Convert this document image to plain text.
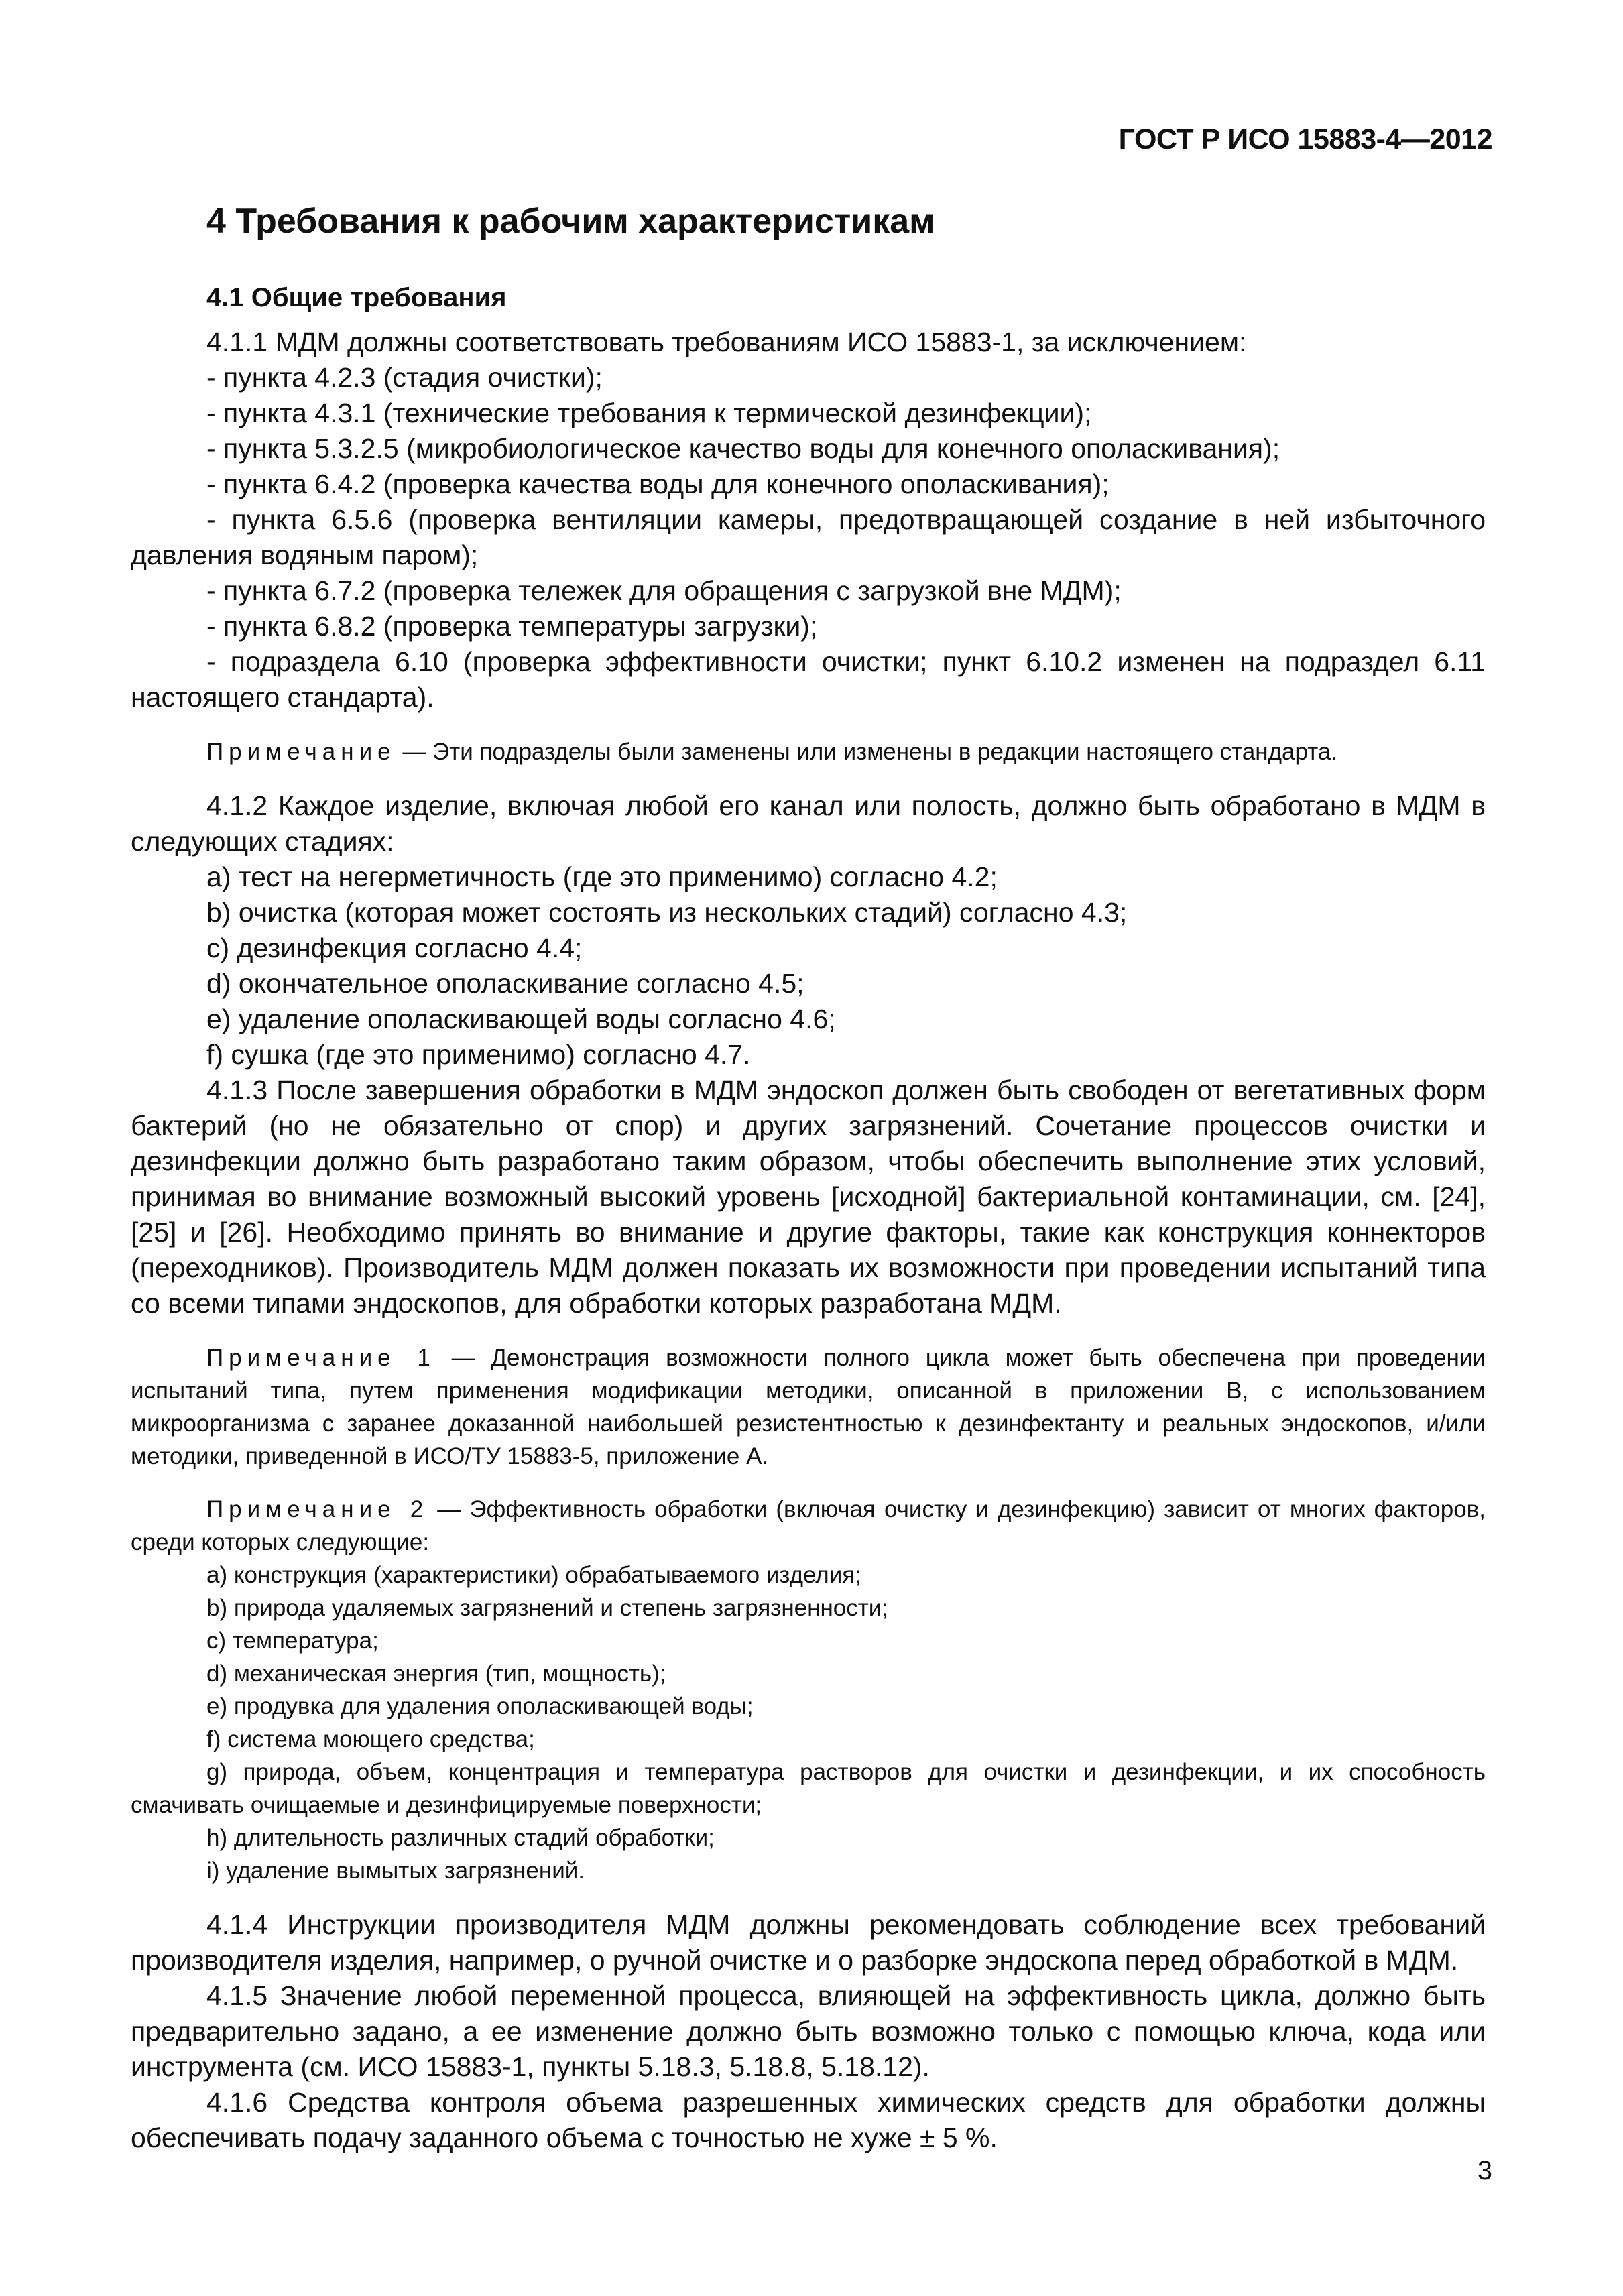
ГОСТ Р ИСО 15883-4—2012
4 Требования к рабочим характеристикам
4.1 Общие требования

4.1.1 МДМ должны соответствовать требованиям ИСО 15883-1, за исключением:

- пункта 4.2.3 (стадия очистки);

- пункта 4.3.1 (технические требования к термической дезинфекции);

- пункта 5.3.2.5 (микробиологическое качество воды для конечного ополаскивания);

- пункта 6.4.2 (проверка качества воды для конечного ополаскивания);

- пункта 6.5.6 (проверка вентиляции камеры, предотвращающей создание в ней избыточного давления водяным паром);

- пункта 6.7.2 (проверка тележек для обращения с загрузкой вне МДМ);

- пункта 6.8.2 (проверка температуры загрузки);

- подраздела 6.10 (проверка эффективности очистки; пункт 6.10.2 изменен на подраздел 6.11 настоящего стандарта).

Примечание — Эти подразделы были заменены или изменены в редакции настоящего стандарта.

4.1.2 Каждое изделие, включая любой его канал или полость, должно быть обработано в МДМ в следующих стадиях:

a) тест на негерметичность (где это применимо) согласно 4.2;

b) очистка (которая может состоять из нескольких стадий) согласно 4.3;

c) дезинфекция согласно 4.4;

d) окончательное ополаскивание согласно 4.5;

e) удаление ополаскивающей воды согласно 4.6;

f) сушка (где это применимо) согласно 4.7.

4.1.3 После завершения обработки в МДМ эндоскоп должен быть свободен от вегетативных форм бактерий (но не обязательно от спор) и других загрязнений. Сочетание процессов очистки и дезинфекции должно быть разработано таким образом, чтобы обеспечить выполнение этих условий, принимая во внимание возможный высокий уровень [исходной] бактериальной контаминации, см. [24], [25] и [26]. Необходимо принять во внимание и другие факторы, такие как конструкция коннекторов (переходников). Производитель МДМ должен показать их возможности при проведении испытаний типа со всеми типами эндоскопов, для обработки которых разработана МДМ.

Примечание 1 — Демонстрация возможности полного цикла может быть обеспечена при проведении испытаний типа, путем применения модификации методики, описанной в приложении В, с использованием микроорганизма с заранее доказанной наибольшей резистентностью к дезинфектанту и реальных эндоскопов, и/или методики, приведенной в ИСО/ТУ 15883-5, приложение А.

Примечание 2 — Эффективность обработки (включая очистку и дезинфекцию) зависит от многих факторов, среди которых следующие:

a) конструкция (характеристики) обрабатываемого изделия;

b) природа удаляемых загрязнений и степень загрязненности;

c) температура;

d) механическая энергия (тип, мощность);

e) продувка для удаления ополаскивающей воды;

f) система моющего средства;

g) природа, объем, концентрация и температура растворов для очистки и дезинфекции, и их способность смачивать очищаемые и дезинфицируемые поверхности;

h) длительность различных стадий обработки;

i) удаление вымытых загрязнений.

4.1.4 Инструкции производителя МДМ должны рекомендовать соблюдение всех требований производителя изделия, например, о ручной очистке и о разборке эндоскопа перед обработкой в МДМ.

4.1.5 Значение любой переменной процесса, влияющей на эффективность цикла, должно быть предварительно задано, а ее изменение должно быть возможно только с помощью ключа, кода или инструмента (см. ИСО 15883-1, пункты 5.18.3, 5.18.8, 5.18.12).

4.1.6 Средства контроля объема разрешенных химических средств для обработки должны обеспечивать подачу заданного объема с точностью не хуже ± 5 %.

3
